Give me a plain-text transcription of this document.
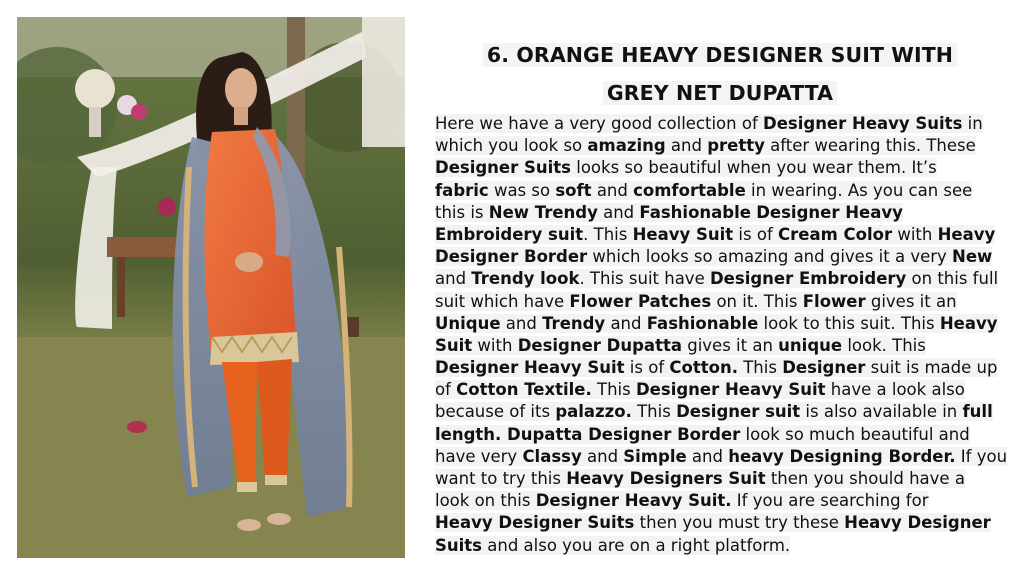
6. ORANGE HEAVY DESIGNER SUIT WITH
GREY NET DUPATTA
Here we have a very good collection of Designer Heavy Suits in
which you look so amazing and pretty after wearing this. These
Designer Suits looks so beautiful when you wear them. It’s
fabric was so soft and comfortable in wearing. As you can see
this is New Trendy and Fashionable Designer Heavy
Embroidery suit. This Heavy Suit is of Cream Color with Heavy
Designer Border which looks so amazing and gives it a very New
and Trendy look. This suit have Designer Embroidery on this full
suit which have Flower Patches on it. This Flower gives it an
Unique and Trendy and Fashionable look to this suit. This Heavy
Suit with Designer Dupatta gives it an unique look. This
Designer Heavy Suit is of Cotton. This Designer suit is made up
of Cotton Textile. This Designer Heavy Suit have a look also
because of its palazzo. This Designer suit is also available in full
length. Dupatta Designer Border look so much beautiful and
have very Classy and Simple and heavy Designing Border. If you
want to try this Heavy Designers Suit then you should have a
look on this Designer Heavy Suit. If you are searching for
Heavy Designer Suits then you must try these Heavy Designer
Suits and also you are on a right platform.
